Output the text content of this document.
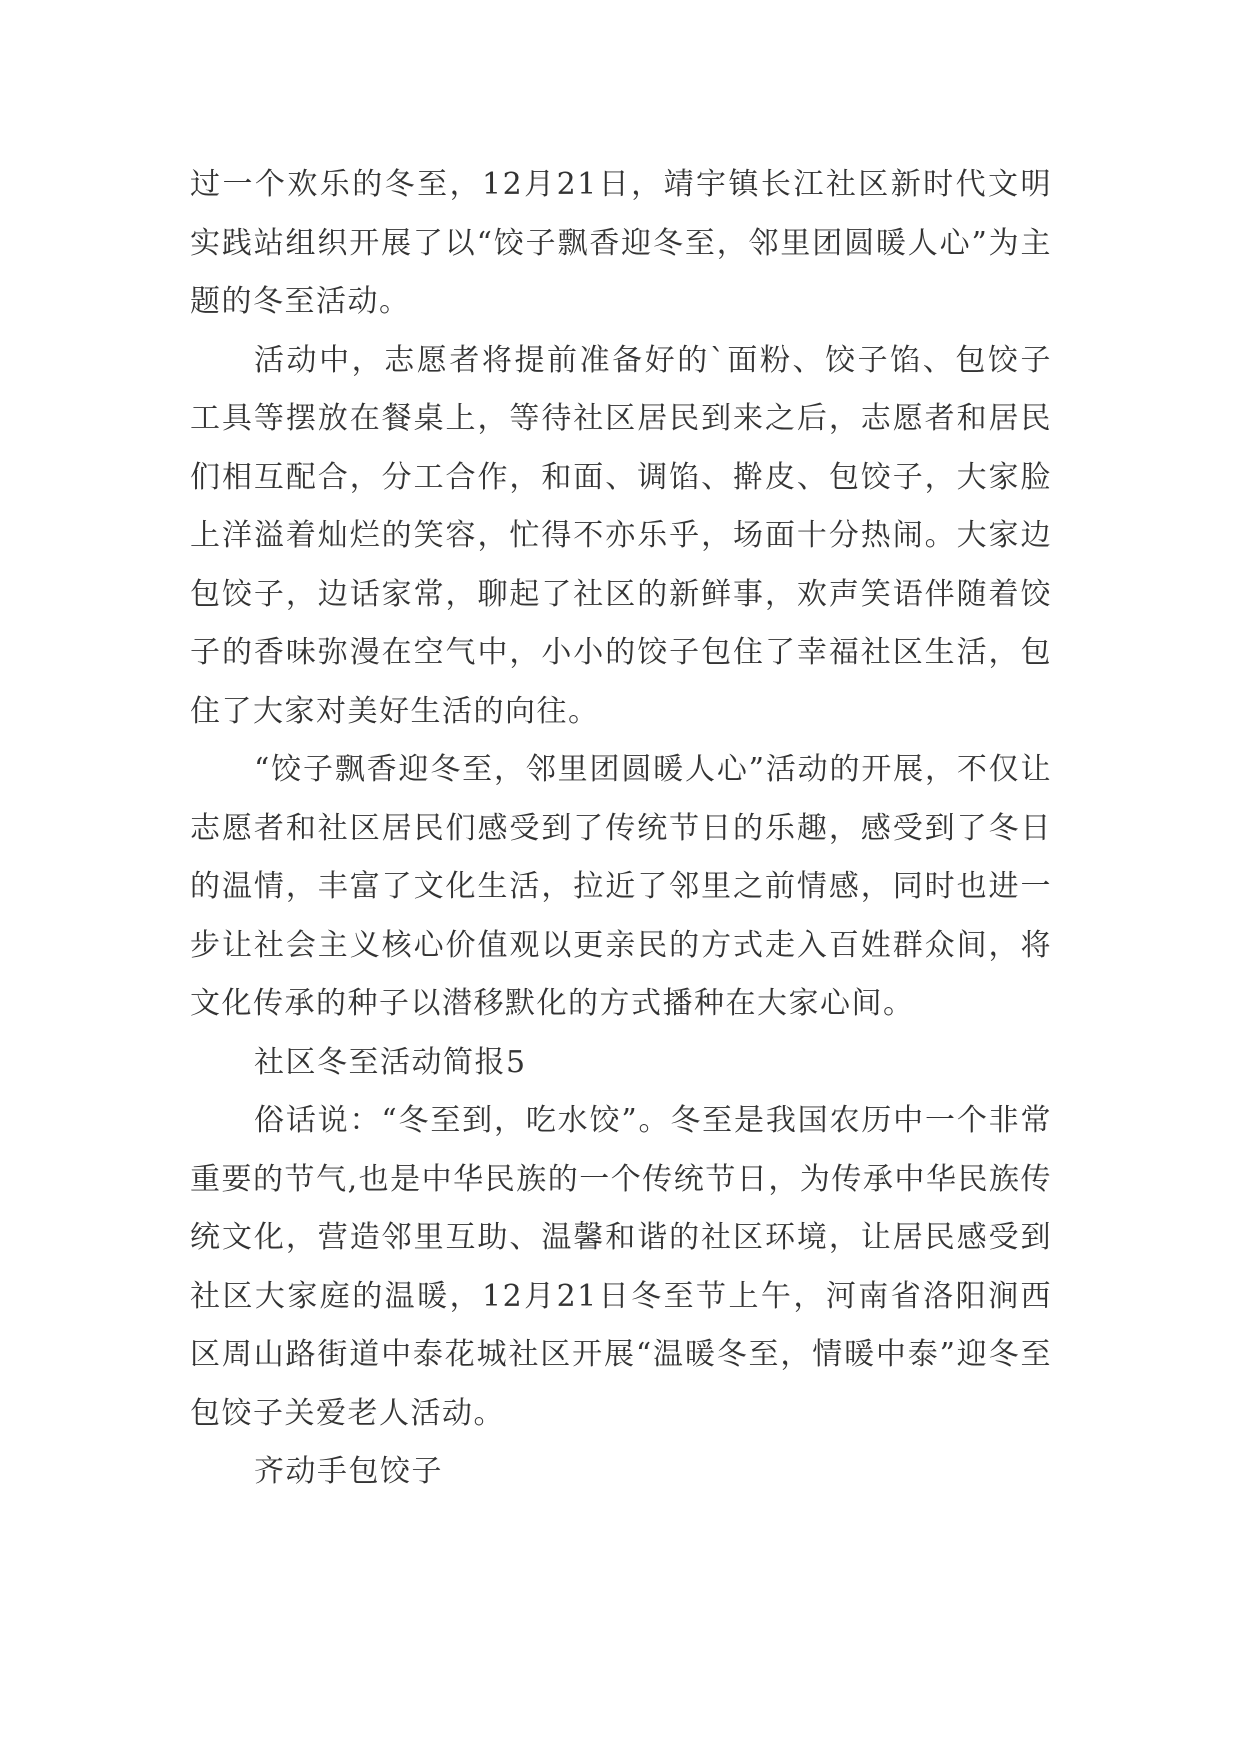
过一个欢乐的冬至，12月21日，靖宇镇长江社区新时代文明实践站组织开展了以“饺子飘香迎冬至，邻里团圆暖人心”为主题的冬至活动。

活动中，志愿者将提前准备好的`面粉、饺子馅、包饺子工具等摆放在餐桌上，等待社区居民到来之后，志愿者和居民们相互配合，分工合作，和面、调馅、擀皮、包饺子，大家脸上洋溢着灿烂的笑容，忙得不亦乐乎，场面十分热闹。大家边包饺子，边话家常，聊起了社区的新鲜事，欢声笑语伴随着饺子的香味弥漫在空气中，小小的饺子包住了幸福社区生活，包住了大家对美好生活的向往。

“饺子飘香迎冬至，邻里团圆暖人心”活动的开展，不仅让志愿者和社区居民们感受到了传统节日的乐趣，感受到了冬日的温情，丰富了文化生活，拉近了邻里之前情感，同时也进一步让社会主义核心价值观以更亲民的方式走入百姓群众间，将文化传承的种子以潜移默化的方式播种在大家心间。

社区冬至活动简报5

俗话说：“冬至到，吃水饺”。冬至是我国农历中一个非常重要的节气,也是中华民族的一个传统节日，为传承中华民族传统文化，营造邻里互助、温馨和谐的社区环境，让居民感受到社区大家庭的温暖，12月21日冬至节上午，河南省洛阳涧西区周山路街道中泰花城社区开展“温暖冬至，情暖中泰”迎冬至包饺子关爱老人活动。

齐动手包饺子
